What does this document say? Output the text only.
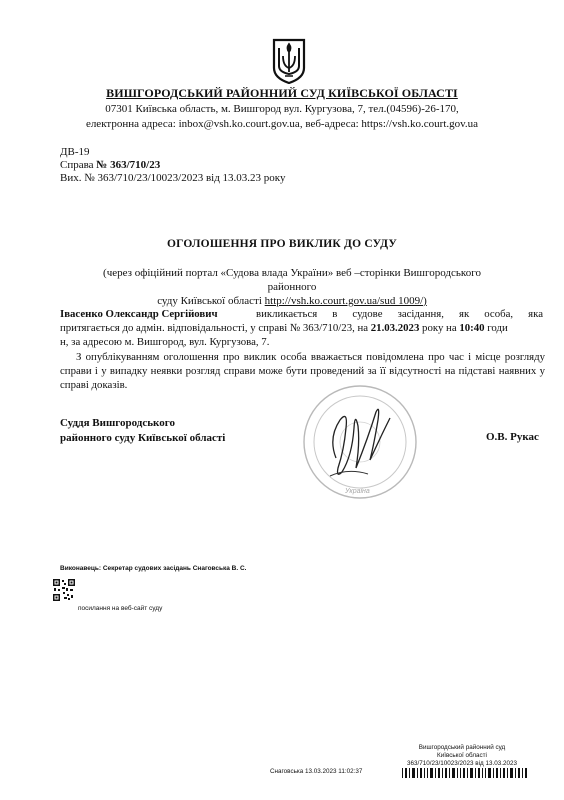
ВИШГОРОДСЬКИЙ РАЙОННИЙ СУД КИЇВСЬКОЇ ОБЛАСТІ
07301 Київська область, м. Вишгород вул. Кургузова, 7, тел.(04596)-26-170,
електронна адреса: inbox@vsh.ko.court.gov.ua, веб-адреса: https://vsh.ko.court.gov.ua
ДВ-19
Справа № 363/710/23
Вих. № 363/710/23/10023/2023 від 13.03.23 року
ОГОЛОШЕННЯ ПРО ВИКЛИК ДО СУДУ
(через офіційний портал «Судова влада України» веб –сторінки Вишгородського районного
суду Київської області http://vsh.ko.court.gov.ua/sud 1009/)
Івасенко Олександр Сергійович	викликається в судове засідання, як особа, яка
притягається до адмін. відповідальності, у справі № 363/710/23, на 21.03.2023 року на 10:40 годи
н, за адресою м. Вишгород, вул. Кургузова, 7.
З опублікуванням оголошення про виклик особа вважається повідомлена про час і місце розгляду справи і у випадку неявки розгляд справи може бути проведений за її відсутності на підставі наявних у справі доказів.
Суддя Вишгородського
районного суду Київської області	О.В. Рукас
Україна
Виконавець: Секретар судових засідань Снаговська В. С.
посилання на веб-сайт суду
Вишгородський районний суд
Київської області
363/710/23/10023/2023 від 13.03.2023
Снаговська 13.03.2023 11:02:37
